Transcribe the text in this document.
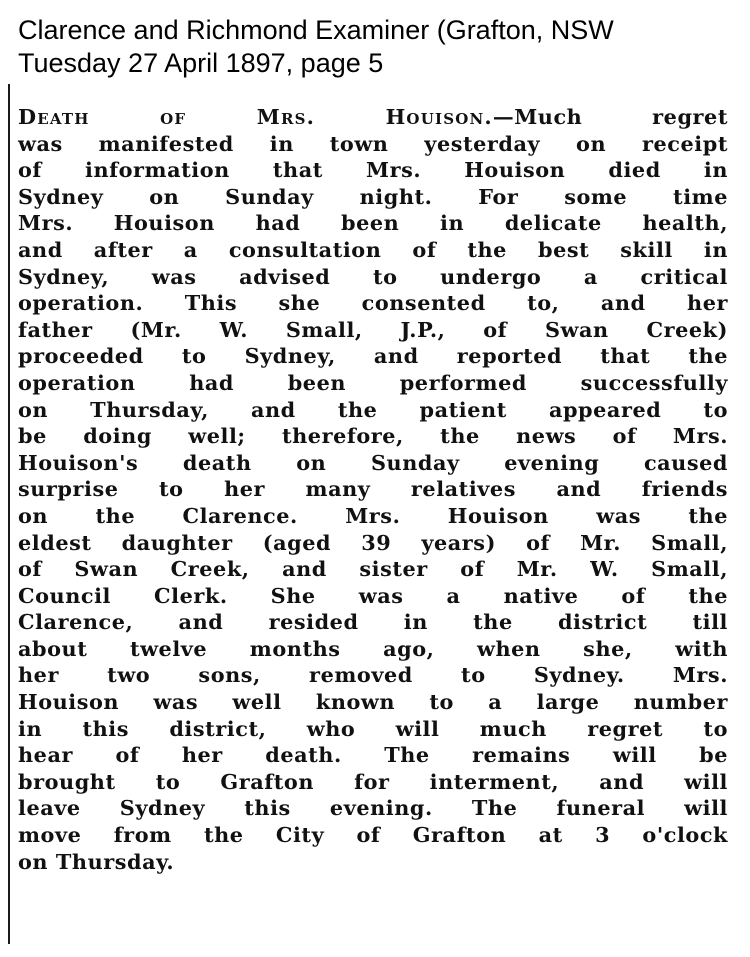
Clarence and Richmond Examiner (Grafton, NSW
Tuesday 27 April 1897, page 5
Death of Mrs. Houison.—Much regret
was manifested in town yesterday on receipt
of information that Mrs. Houison died in
Sydney on Sunday night. For some time
Mrs. Houison had been in delicate health,
and after a consultation of the best skill in
Sydney, was advised to undergo a critical
operation. This she consented to, and her
father (Mr. W. Small, J.P., of Swan Creek)
proceeded to Sydney, and reported that the
operation had been performed successfully
on Thursday, and the patient appeared to
be doing well; therefore, the news of Mrs.
Houison's death on Sunday evening caused
surprise to her many relatives and friends
on the Clarence. Mrs. Houison was the
eldest daughter (aged 39 years) of Mr. Small,
of Swan Creek, and sister of Mr. W. Small,
Council Clerk. She was a native of the
Clarence, and resided in the district till
about twelve months ago, when she, with
her two sons, removed to Sydney. Mrs.
Houison was well known to a large number
in this district, who will much regret to
hear of her death. The remains will be
brought to Grafton for interment, and will
leave Sydney this evening. The funeral will
move from the City of Grafton at 3 o'clock
on Thursday.
